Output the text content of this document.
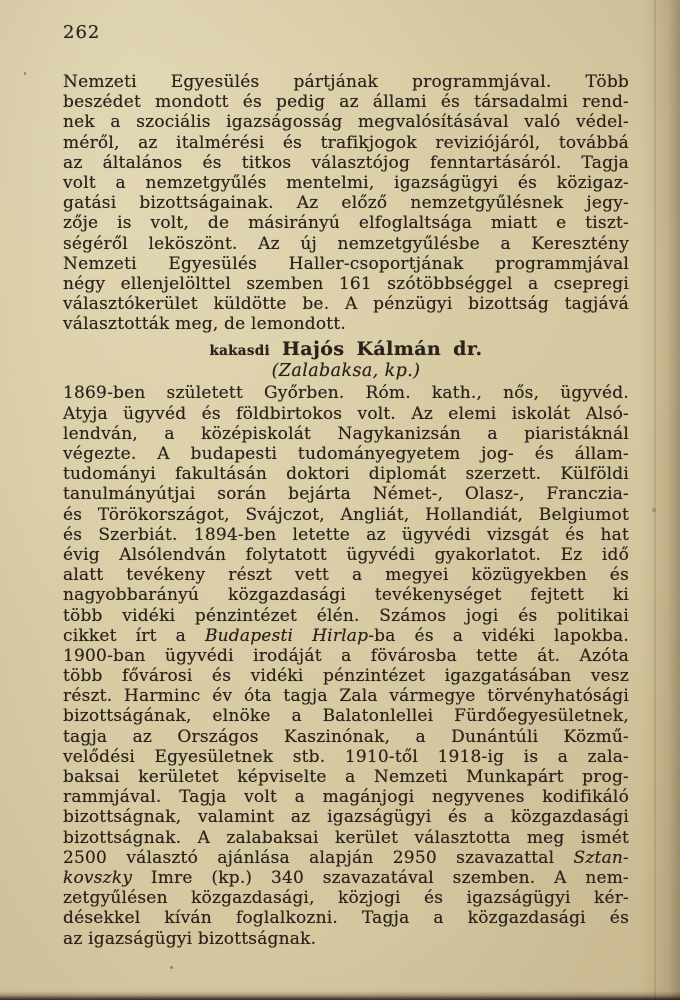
262
Nemzeti Egyesülés pártjának programmjával. Több
beszédet mondott és pedig az állami és társadalmi rend-
nek a szociális igazságosság megvalósításával való védel-
méről, az italmérési és trafikjogok reviziójáról, továbbá
az általános és titkos választójog fenntartásáról. Tagja
volt a nemzetgyűlés mentelmi, igazságügyi és közigaz-
gatási bizottságainak. Az előző nemzetgyűlésnek jegy-
zője is volt, de másirányú elfoglaltsága miatt e tiszt-
ségéről leköszönt. Az új nemzetgyűlésbe a Keresztény
Nemzeti Egyesülés Haller-csoportjának programmjával
négy ellenjelölttel szemben 161 szótöbbséggel a csepregi
választókerület küldötte be. A pénzügyi bizottság tagjává
választották meg, de lemondott.
kakasdi Hajós Kálmán dr.
(Zalabaksa, kp.)
1869-ben született Győrben. Róm. kath., nős, ügyvéd.
Atyja ügyvéd és földbirtokos volt. Az elemi iskolát Alsó-
lendván, a középiskolát Nagykanizsán a piaristáknál
végezte. A budapesti tudományegyetem jog- és állam-
tudományi fakultásán doktori diplomát szerzett. Külföldi
tanulmányútjai során bejárta Német-, Olasz-, Franczia-
és Törökországot, Svájczot, Angliát, Hollandiát, Belgiumot
és Szerbiát. 1894-ben letette az ügyvédi vizsgát és hat
évig Alsólendván folytatott ügyvédi gyakorlatot. Ez idő
alatt tevékeny részt vett a megyei közügyekben és
nagyobbarányú közgazdasági tevékenységet fejtett ki
több vidéki pénzintézet élén. Számos jogi és politikai
cikket írt a Budapesti Hirlap-ba és a vidéki lapokba.
1900-ban ügyvédi irodáját a fövárosba tette át. Azóta
több fővárosi és vidéki pénzintézet igazgatásában vesz
részt. Harminc év óta tagja Zala vármegye törvényhatósági
bizottságának, elnöke a Balatonlellei Fürdőegyesületnek,
tagja az Országos Kaszinónak, a Dunántúli Közmű-
velődési Egyesületnek stb. 1910-től 1918-ig is a zala-
baksai kerületet képviselte a Nemzeti Munkapárt prog-
rammjával. Tagja volt a magánjogi negyvenes kodifikáló
bizottságnak, valamint az igazságügyi és a közgazdasági
bizottságnak. A zalabaksai kerület választotta meg ismét
2500 választó ajánlása alapján 2950 szavazattal Sztan-
kovszky Imre (kp.) 340 szavazatával szemben. A nem-
zetgyűlésen közgazdasági, közjogi és igazságügyi kér-
désekkel kíván foglalkozni. Tagja a közgazdasági és
az igazságügyi bizottságnak.
